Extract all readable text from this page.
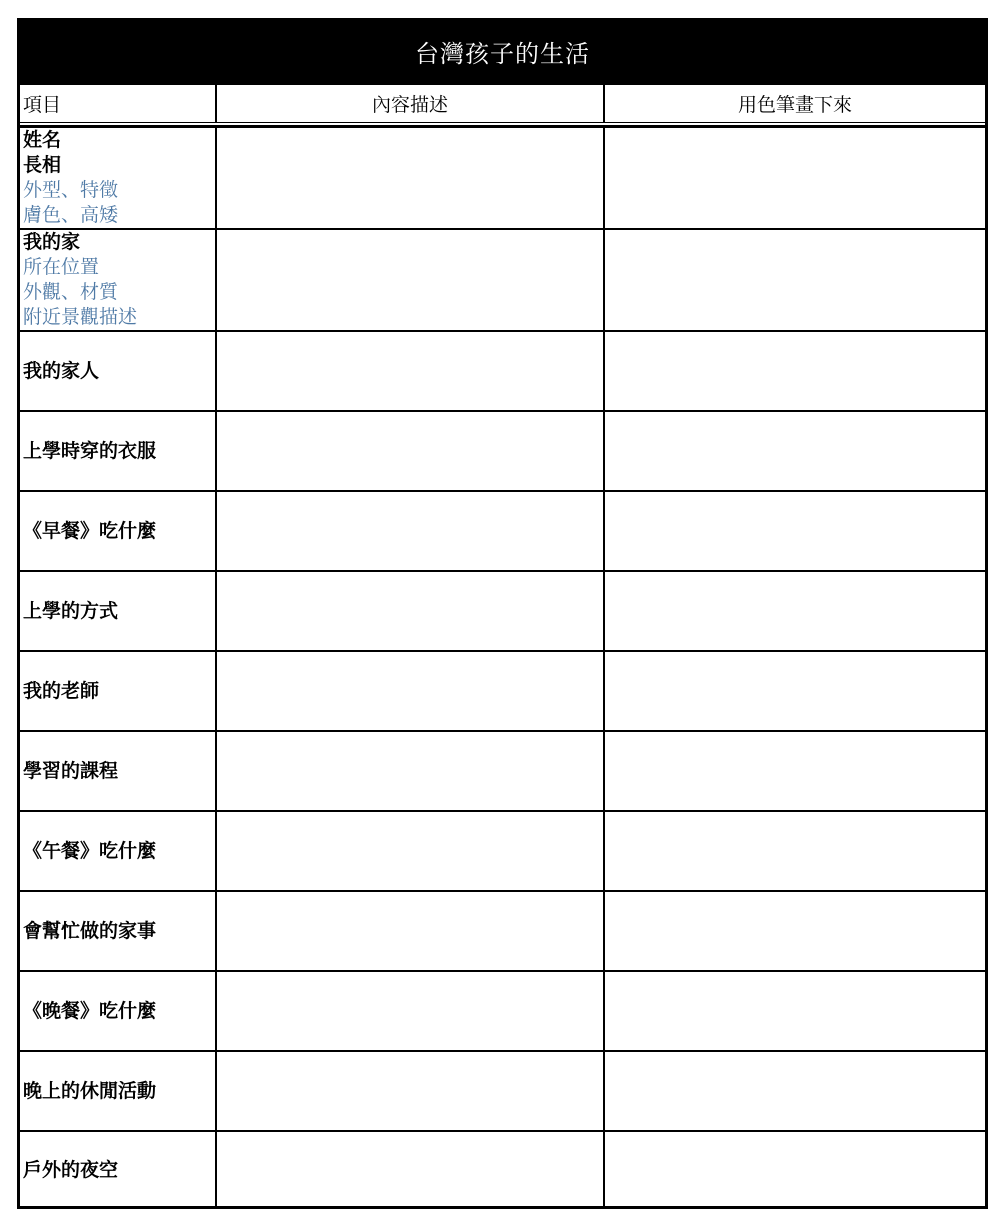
台灣孩子的生活
項目	內容描述	用色筆畫下來
姓名
長相
外型、特徵
膚色、高矮
我的家
所在位置
外觀、材質
附近景觀描述
我的家人
上學時穿的衣服
《早餐》吃什麼
上學的方式
我的老師
學習的課程
《午餐》吃什麼
會幫忙做的家事
《晚餐》吃什麼
晚上的休閒活動
戶外的夜空
